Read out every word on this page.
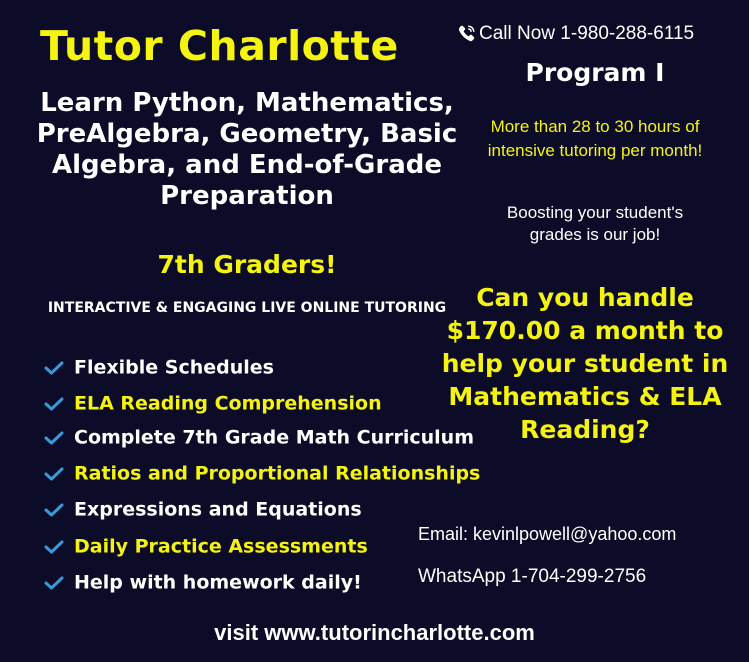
Tutor Charlotte
Learn Python, Mathematics, PreAlgebra, Geometry, Basic Algebra, and End-of-Grade Preparation
7th Graders!
INTERACTIVE & ENGAGING LIVE ONLINE TUTORING
Flexible Schedules
ELA Reading Comprehension
Complete 7th Grade Math Curriculum
Ratios and Proportional Relationships
Expressions and Equations
Daily Practice Assessments
Help with homework daily!
Call Now 1-980-288-6115
Program I
More than 28 to 30 hours of intensive tutoring per month!
Boosting your student's grades is our job!
Can you handle $170.00 a month to help your student in Mathematics & ELA Reading?
Email: kevinlpowell@yahoo.com
WhatsApp 1-704-299-2756
visit www.tutorincharlotte.com
